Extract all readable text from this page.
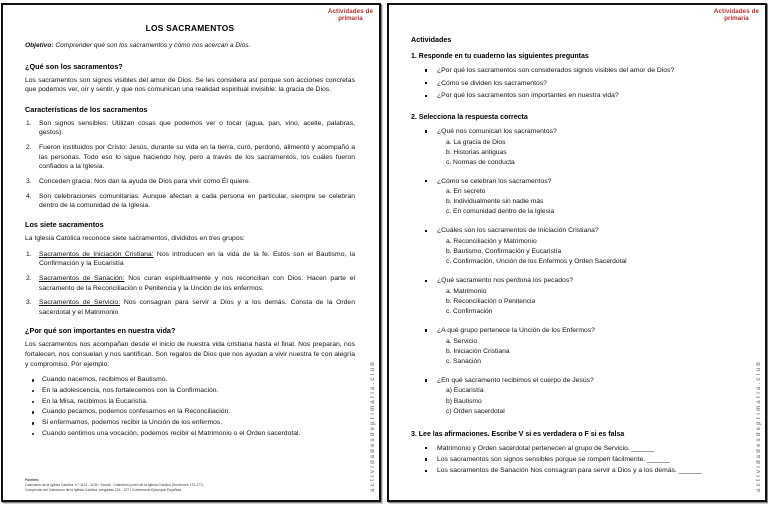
Actividades de
primaria
actividadesdeprimaria.club
LOS SACRAMENTOS

Objetivo: Comprender qué son los sacramentos y cómo nos acercan a Dios.

¿Qué son los sacramentos?

Los sacramentos son signos visibles del amor de Dios. Se les considera así porque son acciones concretas que podemos ver, oír y sentir, y que nos comunican una realidad espiritual invisible: la gracia de Dios.

Características de los sacramentos
1. Son signos sensibles: Utilizan cosas que podemos ver o tocar (agua, pan, vino, aceite, palabras, gestos).
2. Fueron instituidos por Cristo: Jesús, durante su vida en la tierra, curó, perdonó, alimentó y acompañó a las personas. Todo eso lo sigue haciendo hoy, pero a través de los sacramentos, los cuáles fueron confiados a la Iglesia.
3. Conceden gracia: Nos dan la ayuda de Dios para vivir como Él quiere.
4. Son celebraciones comunitarias: Aunque afectan a cada persona en particular, siempre se celebran dentro de la comunidad de la Iglesia.
Los siete sacramentos

La Iglesia Católica reconoce siete sacramentos, divididos en tres grupos:

1. Sacramentos de Iniciación Cristiana: Nos introducen en la vida de la fe. Estos son el Bautismo, la Confirmación y la Eucaristía
2. Sacramentos de Sanación: Nos curan espiritualmente y nos reconcilian con Dios. Hacen parte el sacramento de la Reconciliación o Penitencia y la Unción de los enfermos.
3. Sacramentos de Servicio: Nos consagran para servir a Dios y a los demás. Consta de la Orden sacerdotal y el Matrimonio
¿Por qué son importantes en nuestra vida?

Los sacramentos nos acompañan desde el inicio de nuestra vida cristiana hasta el final. Nos preparan, nos fortalecen, nos consuelan y nos santifican. Son regalos de Dios que nos ayudan a vivir nuestra fe con alegría y compromiso. Por ejemplo:

Cuando nacemos, recibimos el Bautismo.
En la adolescencia, nos fortalecemos con la Confirmación.
En la Misa, recibimos la Eucaristía.
Cuando pecamos, podemos confesarnos en la Reconciliación.
Si enfermamos, podemos recibir la Unción de los enfermos.
Cuando sentimos una vocación, podemos recibir el Matrimonio o el Orden sacerdotal.
Fuentes:
Catecismo de la Iglesia Católica, n.º 1113 - 1134 / Youcat - Catecismo joven de la Iglesia Católica (Secciones 170-277).
Compendio del Catecismo de la Iglesia Católica, preguntas 224 - 227 / Conferencia Episcopal Española.
Actividades de
primaria
actividadesdeprimaria.club
Actividades
1. Responde en tu cuaderno las siguientes preguntas
¿Por qué los sacramentos son considerados signos visibles del amor de Dios?
¿Cómo se dividen los sacramentos?
¿Por qué los sacramentos son importantes en nuestra vida?
2. Selecciona la respuesta correcta
¿Qué nos comunican los sacramentos?
a. La gracia de Dios
b. Historias antiguas
c. Normas de conducta
¿Cómo se celebran los sacramentos?
a. En secreto
b. Individualmente sin nadie más
c. En comunidad dentro de la Iglesia
¿Cuáles son los sacramentos de Iniciación Cristiana?
a. Reconciliación y Matrimonio
b. Bautismo, Confirmación y Eucaristía
c. Confirmación, Unción de los Enfermos y Orden Sacerdotal
¿Qué sacramento nos perdona los pecados?
a. Matrimonio
b. Reconciliación o Penitencia
c. Confirmación
¿A qué grupo pertenece la Unción de los Enfermos?
a. Servicio
b. Iniciación Cristiana
c. Sanación
¿En qué sacramento recibimos el cuerpo de Jesús?
a) Eucaristía
b) Bautismo
c) Orden sacerdotal
3. Lee las afirmaciones. Escribe V si es verdadera o F si es falsa
Matrimonio y Orden sacerdotal pertenecen al grupo de Servicio. ______
Los sacramentos son signos sensibles porque se rompen fácilmente. ______
Los sacramentos de Sanación Nos consagran para servir a Dios y a los demás. ______
